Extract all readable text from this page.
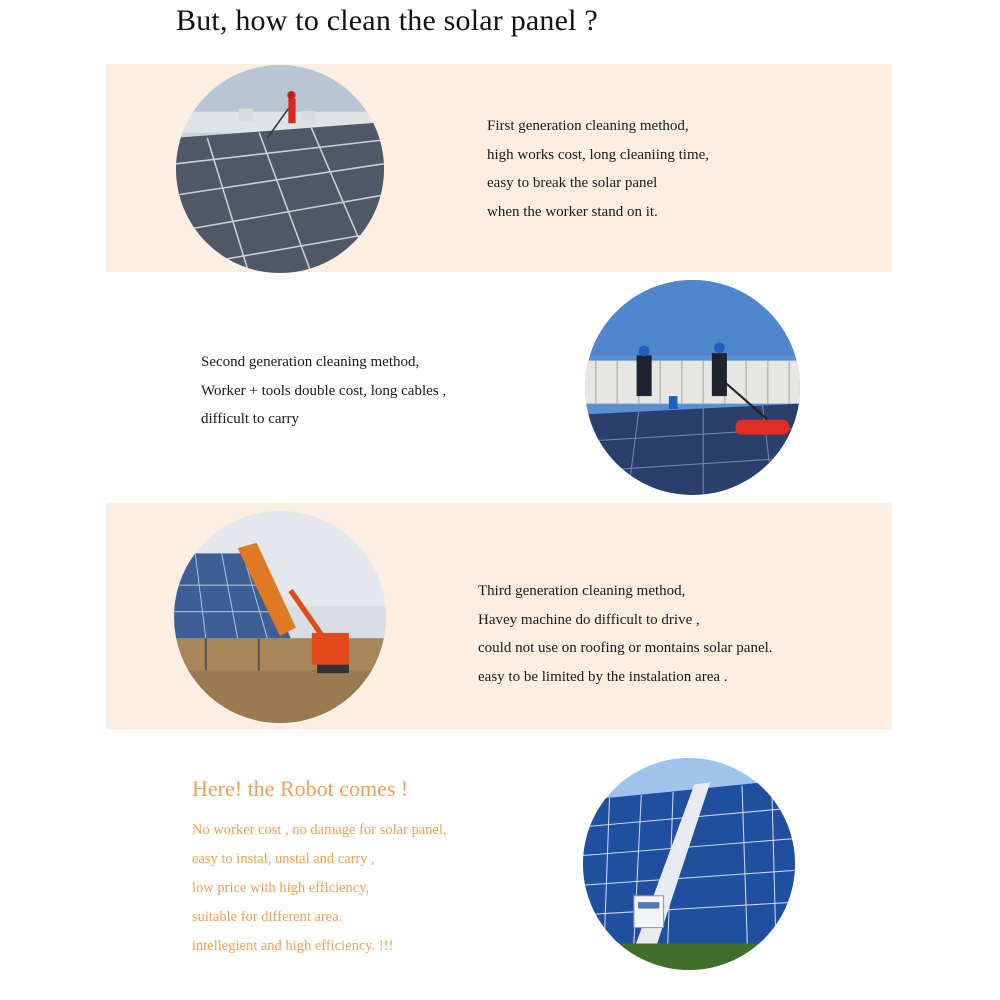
But, how to clean the solar panel ?
First generation cleaning method,
high works cost, long cleaniing time,
easy to break the solar panel
when the worker stand on it.
Second generation cleaning method,
Worker + tools double cost, long cables ,
difficult to carry
Third generation cleaning method,
Havey machine do difficult to drive ,
could not use on roofing or montains solar panel.
easy to be limited by the instalation area .
Here! the Robot comes !
No worker cost , no damage for solar panel,
easy to instal, unstal and carry ,
low price with high efficiency,
suitable for different area.
intellegient and high efficiency. !!!
